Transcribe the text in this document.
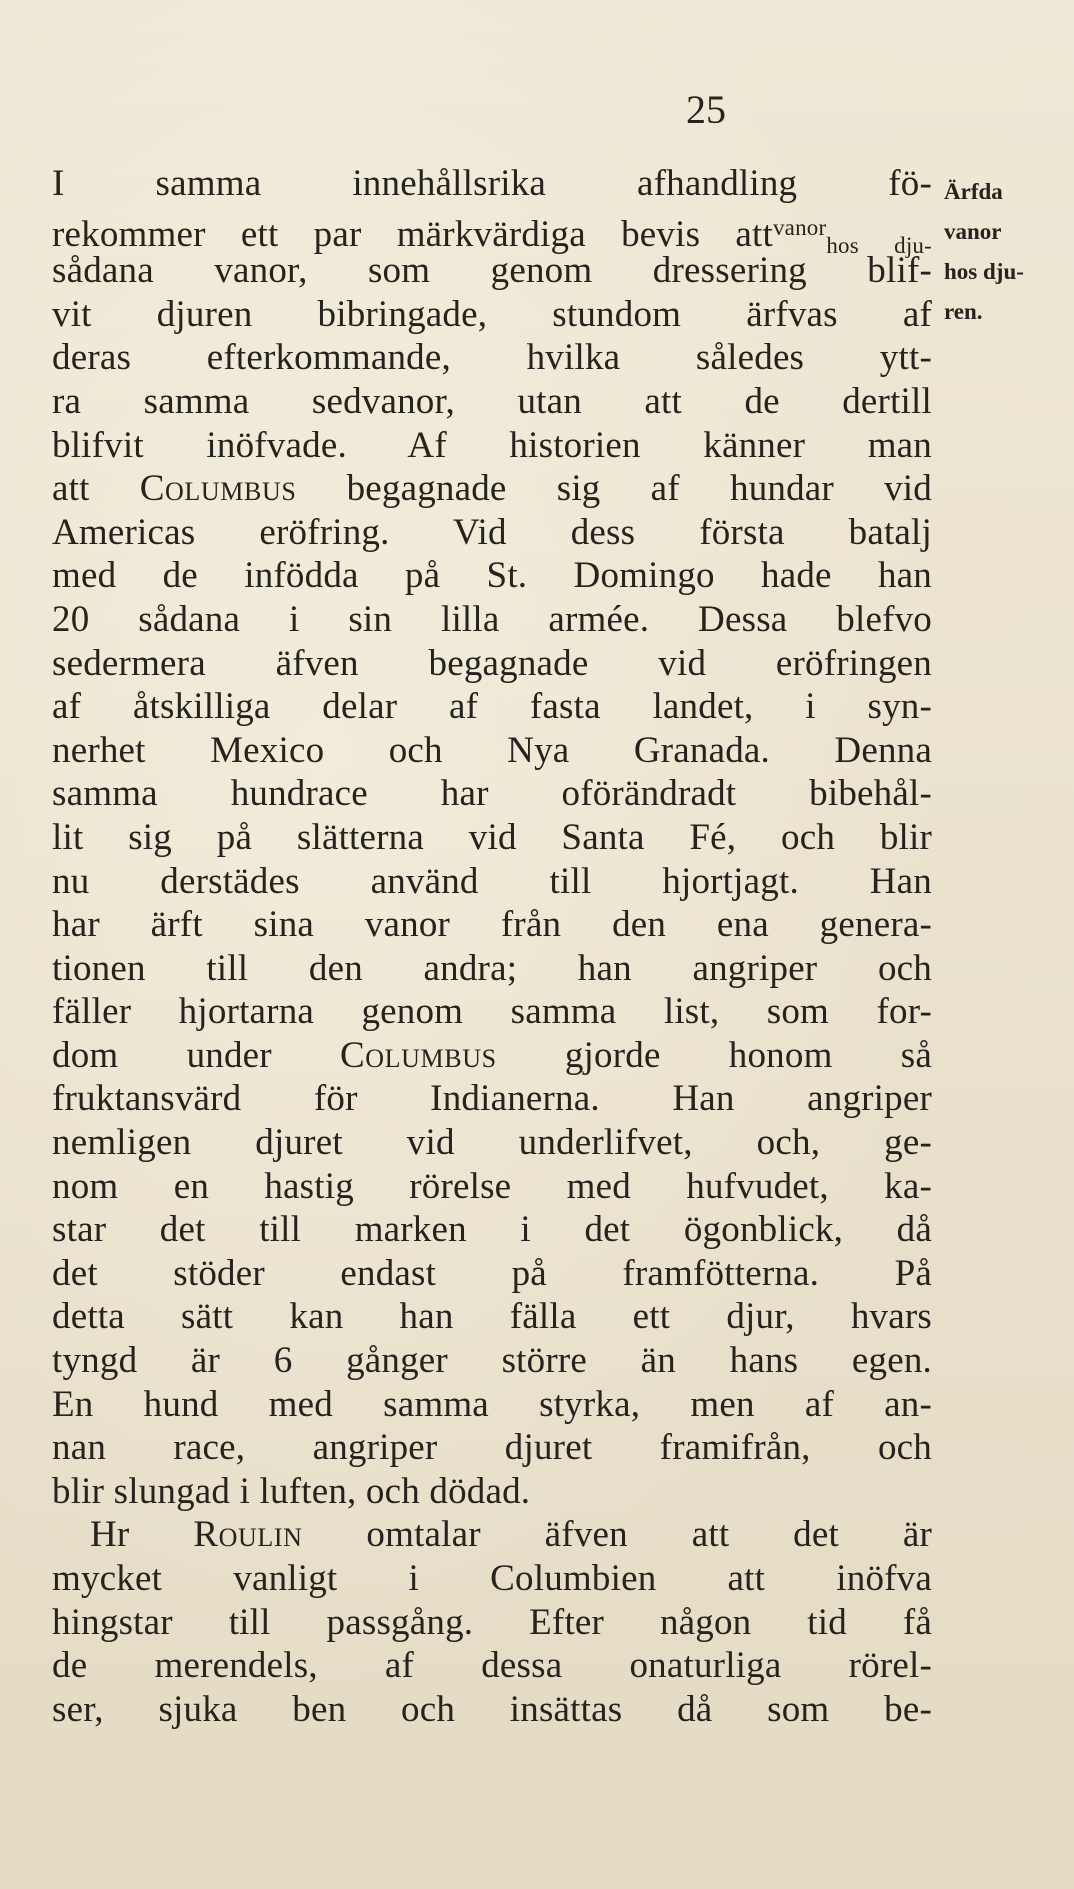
25
Ärfda
vanor
hos dju-
ren.
I samma innehållsrika afhandling fö-
rekommer ett par märkvärdiga bevis att$^{vanor}_{hos}$ $_{dju-}$
sådana vanor, som genom dressering blif-
vit djuren bibringade, stundom ärfvas af
deras efterkommande, hvilka således ytt-
ra samma sedvanor, utan att de dertill
blifvit inöfvade. Af historien känner man
att Columbus begagnade sig af hundar vid
Americas eröfring. Vid dess första batalj
med de infödda på St. Domingo hade han
20 sådana i sin lilla armée. Dessa blefvo
sedermera äfven begagnade vid eröfringen
af åtskilliga delar af fasta landet, i syn-
nerhet Mexico och Nya Granada. Denna
samma hundrace har oförändradt bibehål-
lit sig på slätterna vid Santa Fé, och blir
nu derstädes använd till hjortjagt. Han
har ärft sina vanor från den ena genera-
tionen till den andra; han angriper och
fäller hjortarna genom samma list, som for-
dom under Columbus gjorde honom så
fruktansvärd för Indianerna. Han angriper
nemligen djuret vid underlifvet, och, ge-
nom en hastig rörelse med hufvudet, ka-
star det till marken i det ögonblick, då
det stöder endast på framfötterna. På
detta sätt kan han fälla ett djur, hvars
tyngd är 6 gånger större än hans egen.
En hund med samma styrka, men af an-
nan race, angriper djuret framifrån, och
blir slungad i luften, och dödad.
Hr Roulin omtalar äfven att det är
mycket vanligt i Columbien att inöfva
hingstar till passgång. Efter någon tid få
de merendels, af dessa onaturliga rörel-
ser, sjuka ben och insättas då som be-
